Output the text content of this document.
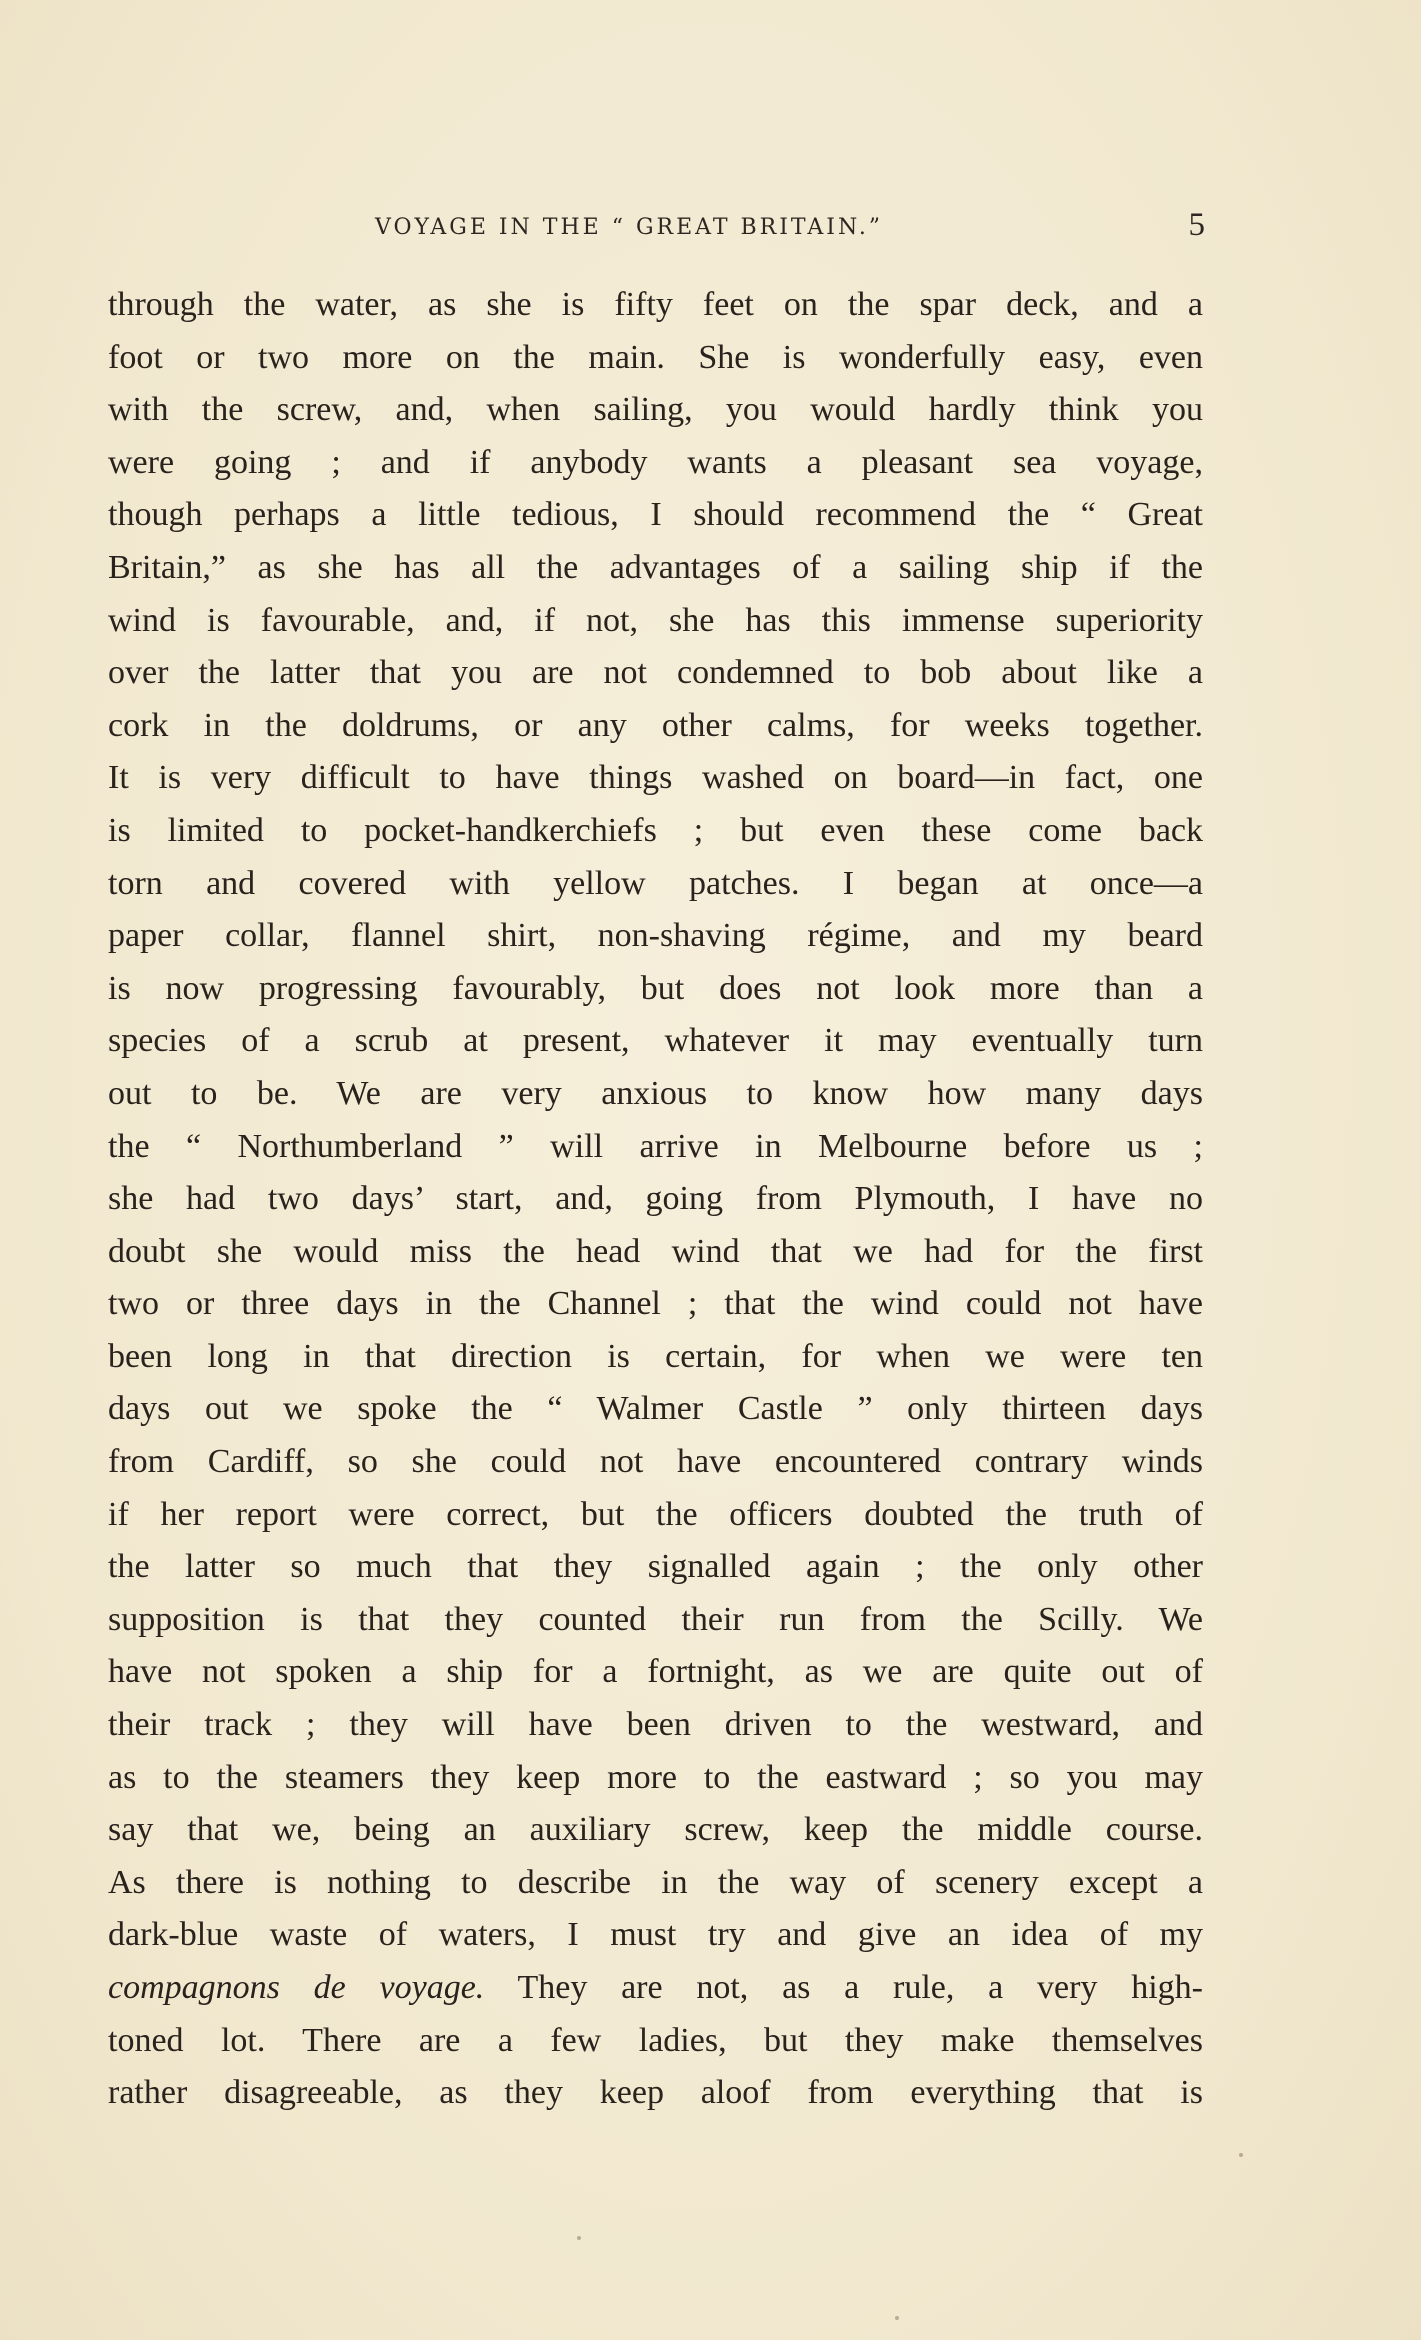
VOYAGE IN THE “ GREAT BRITAIN.”	5
through the water, as she is fifty feet on the spar deck, and a
foot or two more on the main. She is wonderfully easy, even
with the screw, and, when sailing, you would hardly think you
were going ; and if anybody wants a pleasant sea voyage,
though perhaps a little tedious, I should recommend the “ Great
Britain,” as she has all the advantages of a sailing ship if the
wind is favourable, and, if not, she has this immense superiority
over the latter that you are not condemned to bob about like a
cork in the doldrums, or any other calms, for weeks together.
It is very difficult to have things washed on board—in fact, one
is limited to pocket-handkerchiefs ; but even these come back
torn and covered with yellow patches. I began at once—a
paper collar, flannel shirt, non-shaving régime, and my beard
is now progressing favourably, but does not look more than a
species of a scrub at present, whatever it may eventually turn
out to be. We are very anxious to know how many days
the “ Northumberland ” will arrive in Melbourne before us ;
she had two days’ start, and, going from Plymouth, I have no
doubt she would miss the head wind that we had for the first
two or three days in the Channel ; that the wind could not have
been long in that direction is certain, for when we were ten
days out we spoke the “ Walmer Castle ” only thirteen days
from Cardiff, so she could not have encountered contrary winds
if her report were correct, but the officers doubted the truth of
the latter so much that they signalled again ; the only other
supposition is that they counted their run from the Scilly. We
have not spoken a ship for a fortnight, as we are quite out of
their track ; they will have been driven to the westward, and
as to the steamers they keep more to the eastward ; so you may
say that we, being an auxiliary screw, keep the middle course.
As there is nothing to describe in the way of scenery except a
dark-blue waste of waters, I must try and give an idea of my
compagnons de voyage. They are not, as a rule, a very high-
toned lot. There are a few ladies, but they make themselves
rather disagreeable, as they keep aloof from everything that is
